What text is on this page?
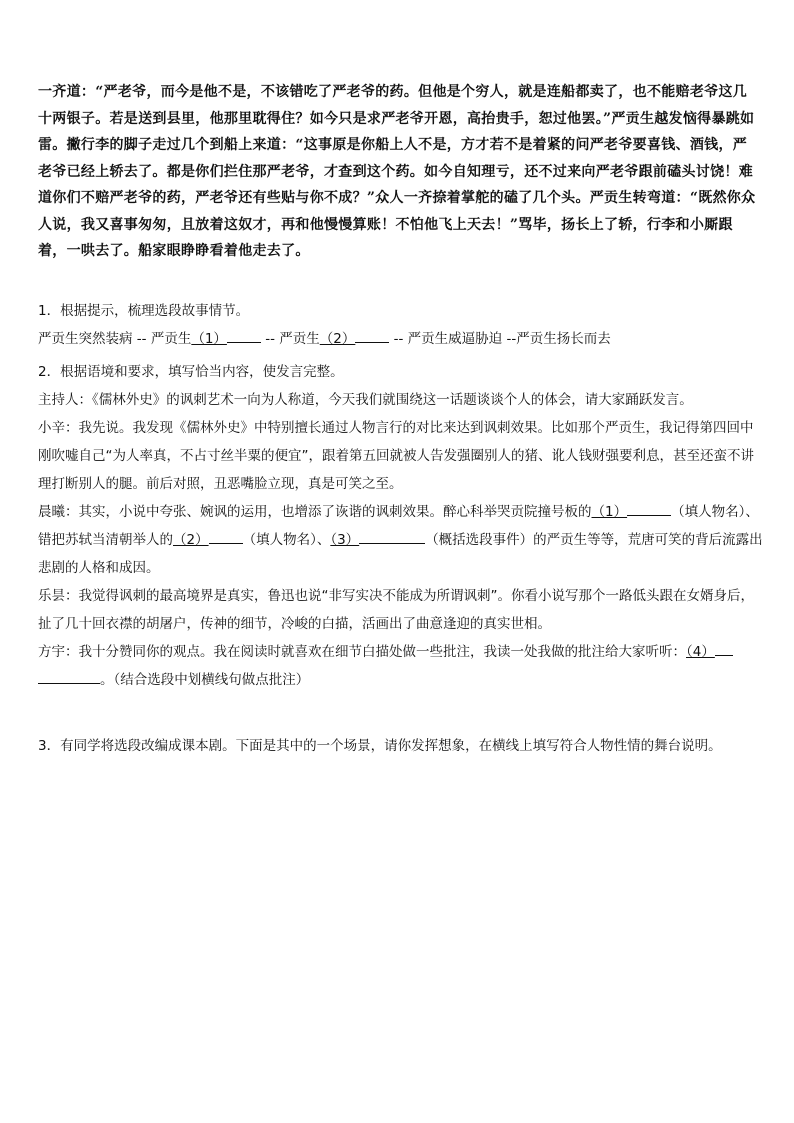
一齐道：“严老爷，而今是他不是，不该错吃了严老爷的药。但他是个穷人，就是连船都卖了，也不能赔老爷这几十两银子。若是送到县里，他那里耽得住？如今只是求严老爷开恩，高抬贵手，恕过他罢。”严贡生越发恼得暴跳如雷。撇行李的脚子走过几个到船上来道：“这事原是你船上人不是，方才若不是着紧的问严老爷要喜钱、酒钱，严老爷已经上轿去了。都是你们拦住那严老爷，才查到这个药。如今自知理亏，还不过来向严老爷跟前磕头讨饶！难道你们不赔严老爷的药，严老爷还有些贴与你不成？”众人一齐捺着掌舵的磕了几个头。严贡生转弯道：“既然你众人说，我又喜事匆匆，且放着这奴才，再和他慢慢算账！不怕他飞上天去！”骂毕，扬长上了轿，行李和小厮跟着，一哄去了。船家眼睁睁看着他走去了。

1．根据提示，梳理选段故事情节。

严贡生突然装病 -- 严贡生（1）	-- 严贡生（2）	-- 严贡生威逼胁迫 --严贡生扬长而去

2．根据语境和要求，填写恰当内容，使发言完整。

主持人：《儒林外史》的讽刺艺术一向为人称道，今天我们就围绕这一话题谈谈个人的体会，请大家踊跃发言。

小辛：我先说。我发现《儒林外史》中特别擅长通过人物言行的对比来达到讽刺效果。比如那个严贡生，我记得第四回中刚吹嘘自己“为人率真，不占寸丝半粟的便宜”，跟着第五回就被人告发强圈别人的猪、讹人钱财强要利息，甚至还蛮不讲理打断别人的腿。前后对照，丑恶嘴脸立现，真是可笑之至。

晨曦：其实，小说中夸张、婉讽的运用，也增添了诙谐的讽刺效果。醉心科举哭贡院撞号板的（1）	（填人物名）、错把苏轼当清朝举人的（2）	（填人物名）、（3）	（概括选段事件）的严贡生等等，荒唐可笑的背后流露出悲剧的人格和成因。

乐昙：我觉得讽刺的最高境界是真实，鲁迅也说“非写实决不能成为所谓讽刺”。你看小说写那个一路低头跟在女婿身后，扯了几十回衣襟的胡屠户，传神的细节，冷峻的白描，活画出了曲意逢迎的真实世相。

方宇：我十分赞同你的观点。我在阅读时就喜欢在细节白描处做一些批注，我读一处我做的批注给大家听听：（4）
。（结合选段中划横线句做点批注）

3．有同学将选段改编成课本剧。下面是其中的一个场景，请你发挥想象，在横线上填写符合人物性情的舞台说明。
